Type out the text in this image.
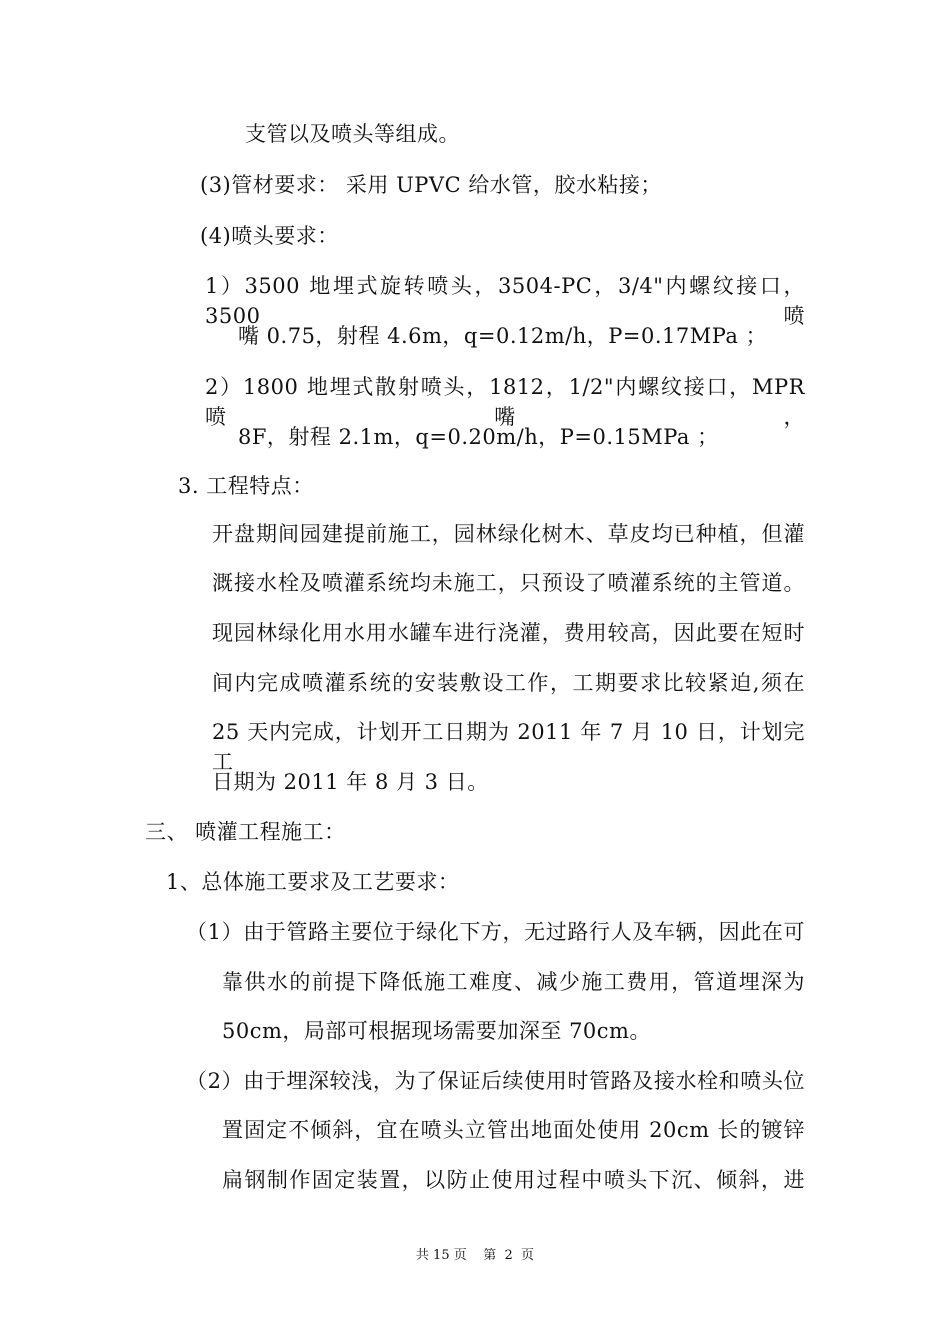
支管以及喷头等组成。
(3)管材要求： 采用 UPVC 给水管，胶水粘接；
(4)喷头要求：
1）3500 地埋式旋转喷头，3504-PC，3/4"内螺纹接口，3500 喷
嘴 0.75，射程 4.6m，q=0.12m/h，P=0.17MPa ；
2）1800 地埋式散射喷头，1812，1/2"内螺纹接口，MPR 喷嘴，
8F，射程 2.1m，q=0.20m/h，P=0.15MPa ；
3. 工程特点：
开盘期间园建提前施工，园林绿化树木、草皮均已种植，但灌
溉接水栓及喷灌系统均未施工，只预设了喷灌系统的主管道。
现园林绿化用水用水罐车进行浇灌，费用较高，因此要在短时
间内完成喷灌系统的安装敷设工作，工期要求比较紧迫,须在
25 天内完成，计划开工日期为 2011 年 7 月 10 日，计划完工
日期为 2011 年 8 月 3 日。
三、 喷灌工程施工：
1、总体施工要求及工艺要求：
（1）由于管路主要位于绿化下方，无过路行人及车辆，因此在可
靠供水的前提下降低施工难度、减少施工费用，管道埋深为
50cm，局部可根据现场需要加深至 70cm。
（2）由于埋深较浅，为了保证后续使用时管路及接水栓和喷头位
置固定不倾斜，宜在喷头立管出地面处使用 20cm 长的镀锌
扁钢制作固定装置，以防止使用过程中喷头下沉、倾斜，进
共 15 页    第  2  页
